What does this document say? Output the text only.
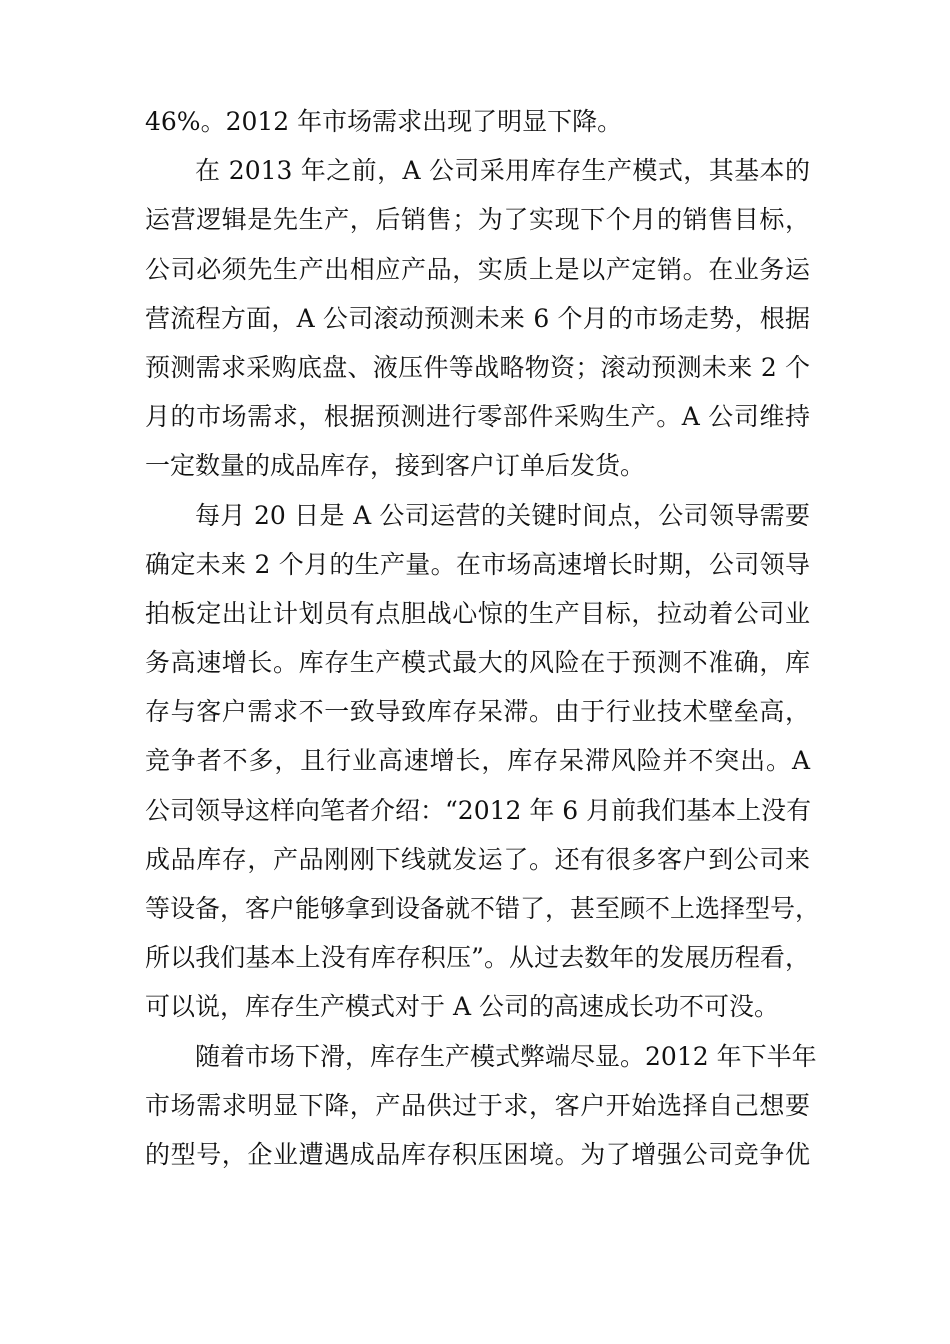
46%。2012 年市场需求出现了明显下降。
在 2013 年之前，A 公司采用库存生产模式，其基本的
运营逻辑是先生产，后销售；为了实现下个月的销售目标，
公司必须先生产出相应产品，实质上是以产定销。在业务运
营流程方面，A 公司滚动预测未来 6 个月的市场走势，根据
预测需求采购底盘、液压件等战略物资；滚动预测未来 2 个
月的市场需求，根据预测进行零部件采购生产。A 公司维持
一定数量的成品库存，接到客户订单后发货。
每月 20 日是 A 公司运营的关键时间点，公司领导需要
确定未来 2 个月的生产量。在市场高速增长时期，公司领导
拍板定出让计划员有点胆战心惊的生产目标，拉动着公司业
务高速增长。库存生产模式最大的风险在于预测不准确，库
存与客户需求不一致导致库存呆滞。由于行业技术壁垒高，
竞争者不多，且行业高速增长，库存呆滞风险并不突出。A
公司领导这样向笔者介绍：“2012 年 6 月前我们基本上没有
成品库存，产品刚刚下线就发运了。还有很多客户到公司来
等设备，客户能够拿到设备就不错了，甚至顾不上选择型号，
所以我们基本上没有库存积压”。从过去数年的发展历程看，
可以说，库存生产模式对于 A 公司的高速成长功不可没。
随着市场下滑，库存生产模式弊端尽显。2012 年下半年
市场需求明显下降，产品供过于求，客户开始选择自己想要
的型号，企业遭遇成品库存积压困境。为了增强公司竞争优
